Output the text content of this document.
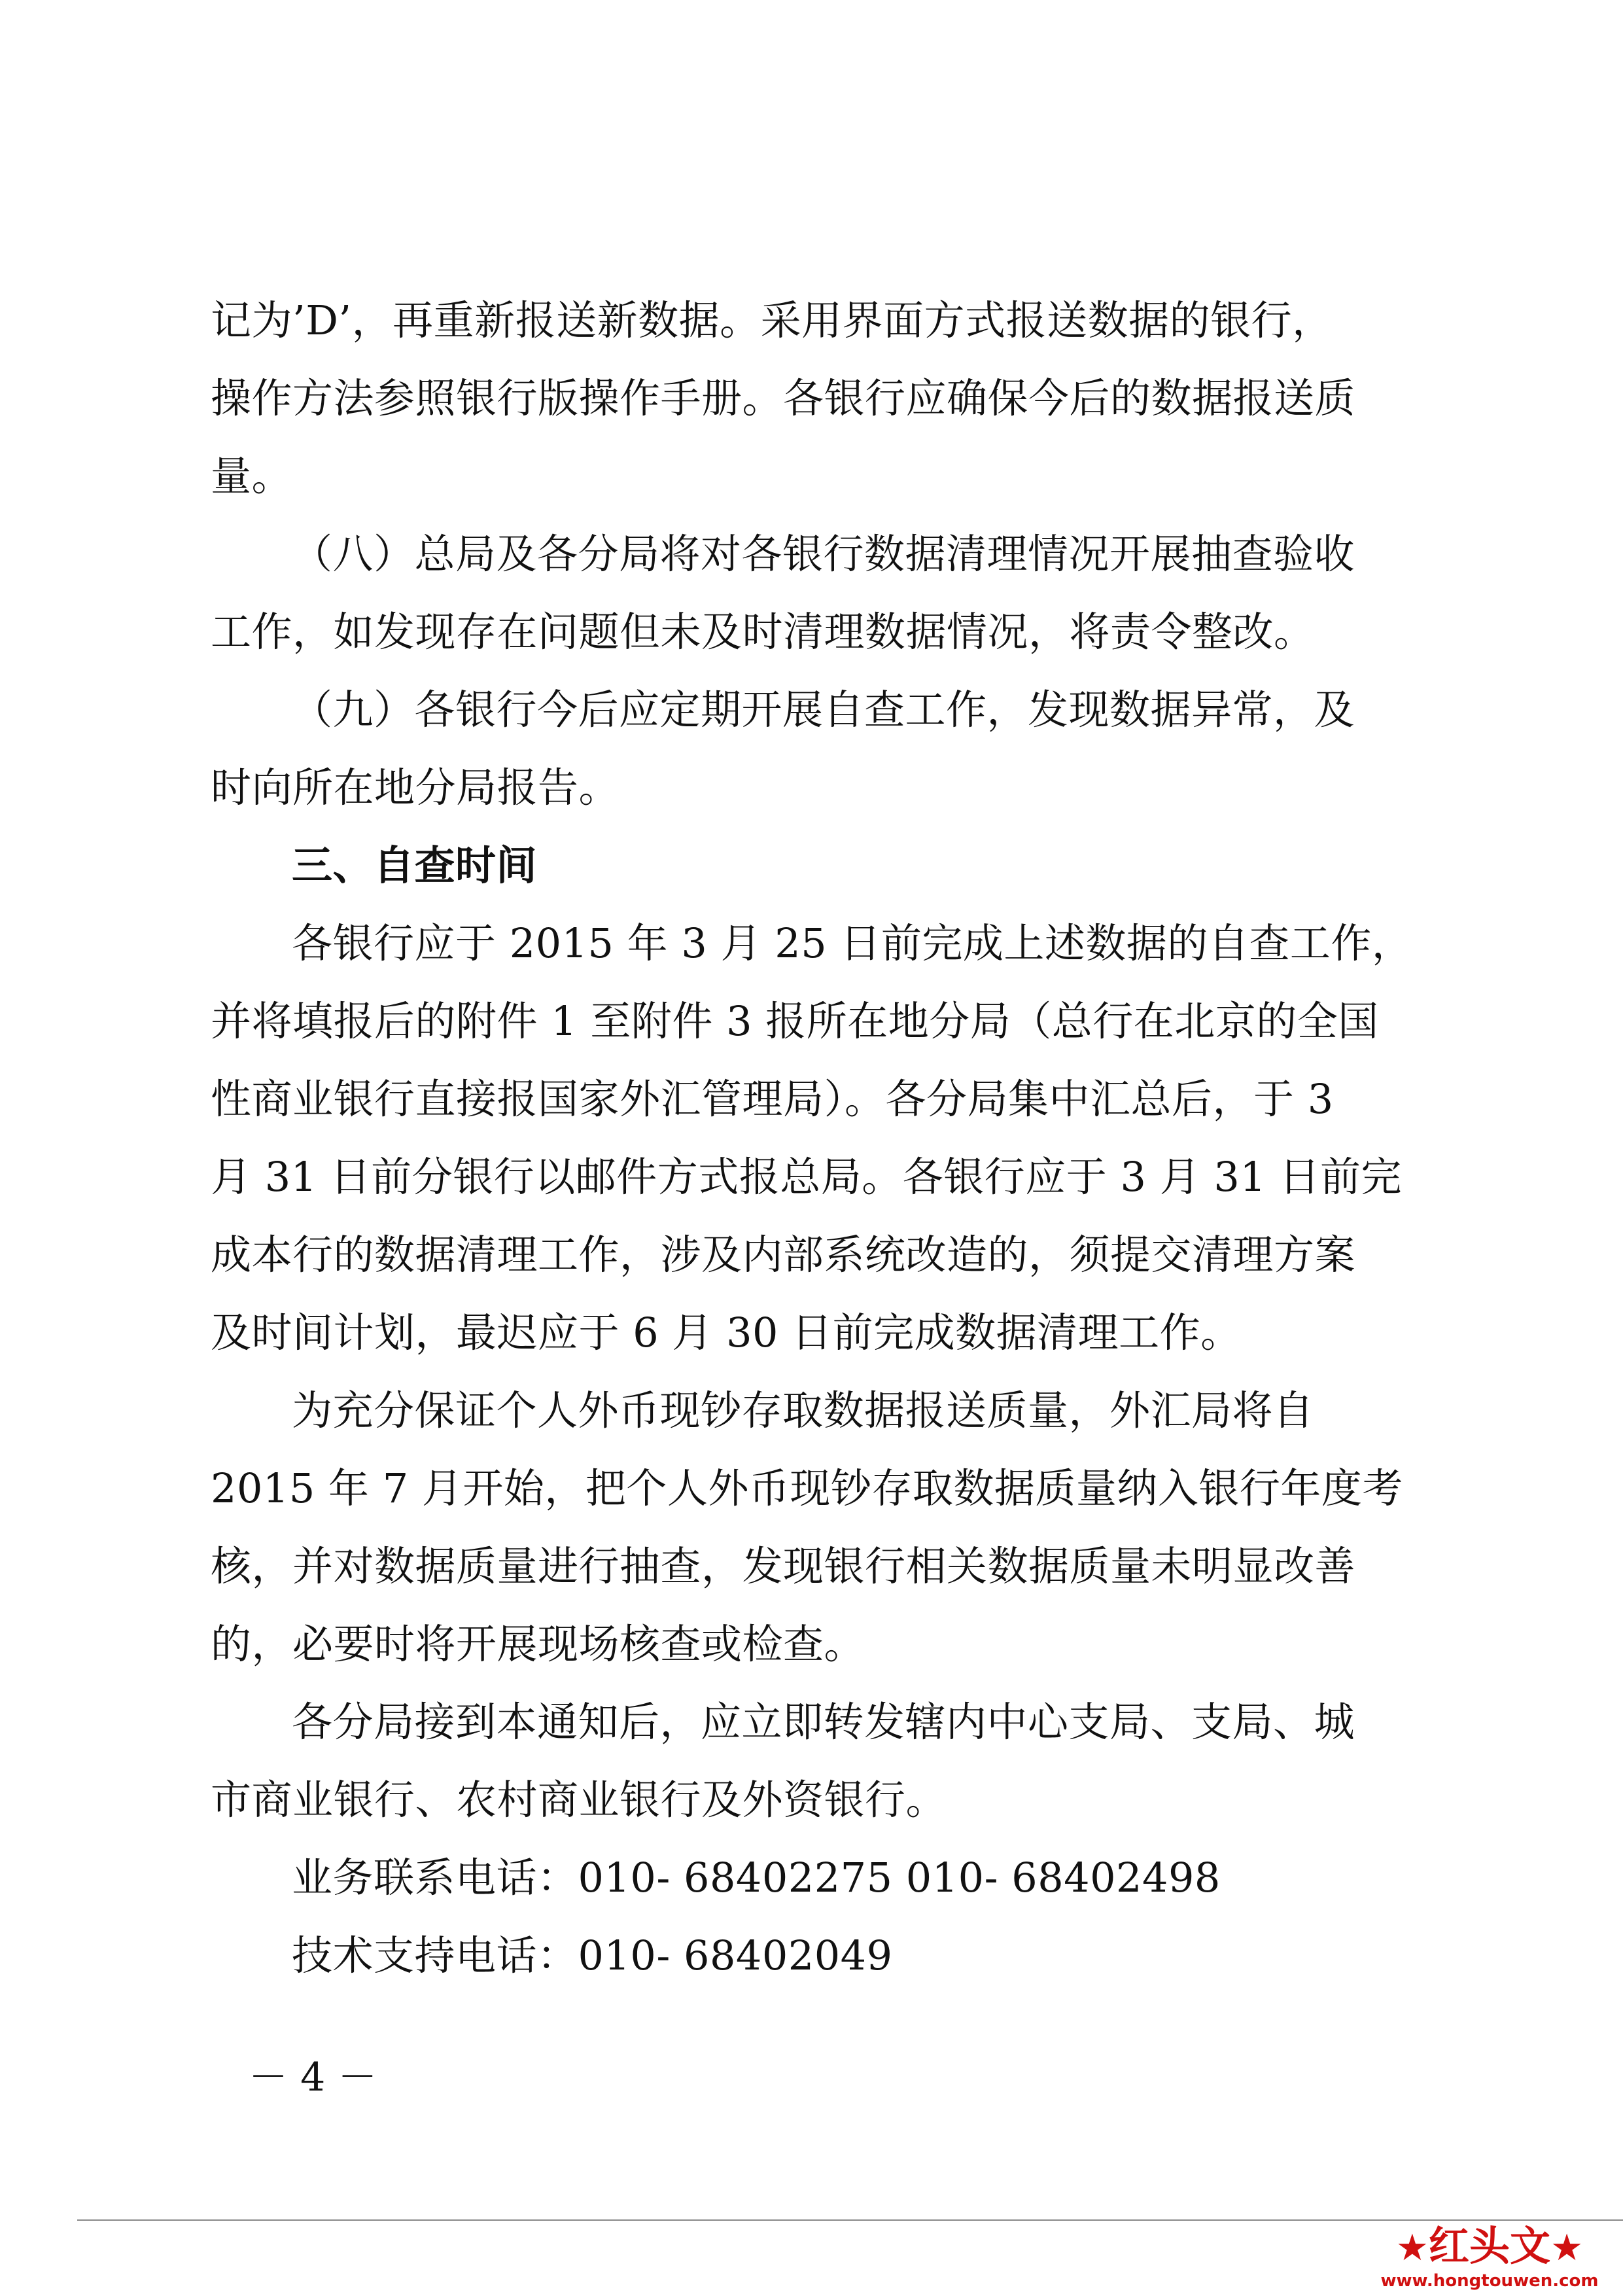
记为’D’，再重新报送新数据。采用界面方式报送数据的银行，
操作方法参照银行版操作手册。各银行应确保今后的数据报送质
量。
（八）总局及各分局将对各银行数据清理情况开展抽查验收
工作，如发现存在问题但未及时清理数据情况，将责令整改。
（九）各银行今后应定期开展自查工作，发现数据异常，及
时向所在地分局报告。
三、自查时间
各银行应于 2015 年 3 月 25 日前完成上述数据的自查工作，
并将填报后的附件 1 至附件 3 报所在地分局（总行在北京的全国
性商业银行直接报国家外汇管理局）。各分局集中汇总后，于 3
月 31 日前分银行以邮件方式报总局。各银行应于 3 月 31 日前完
成本行的数据清理工作，涉及内部系统改造的，须提交清理方案
及时间计划，最迟应于 6 月 30 日前完成数据清理工作。
为充分保证个人外币现钞存取数据报送质量，外汇局将自
2015 年 7 月开始，把个人外币现钞存取数据质量纳入银行年度考
核，并对数据质量进行抽查，发现银行相关数据质量未明显改善
的，必要时将开展现场核查或检查。
各分局接到本通知后，应立即转发辖内中心支局、支局、城
市商业银行、农村商业银行及外资银行。
业务联系电话：010- 68402275 010- 68402498
技术支持电话：010- 68402049
－ 4 －
★红头文★
www.hongtouwen.com
